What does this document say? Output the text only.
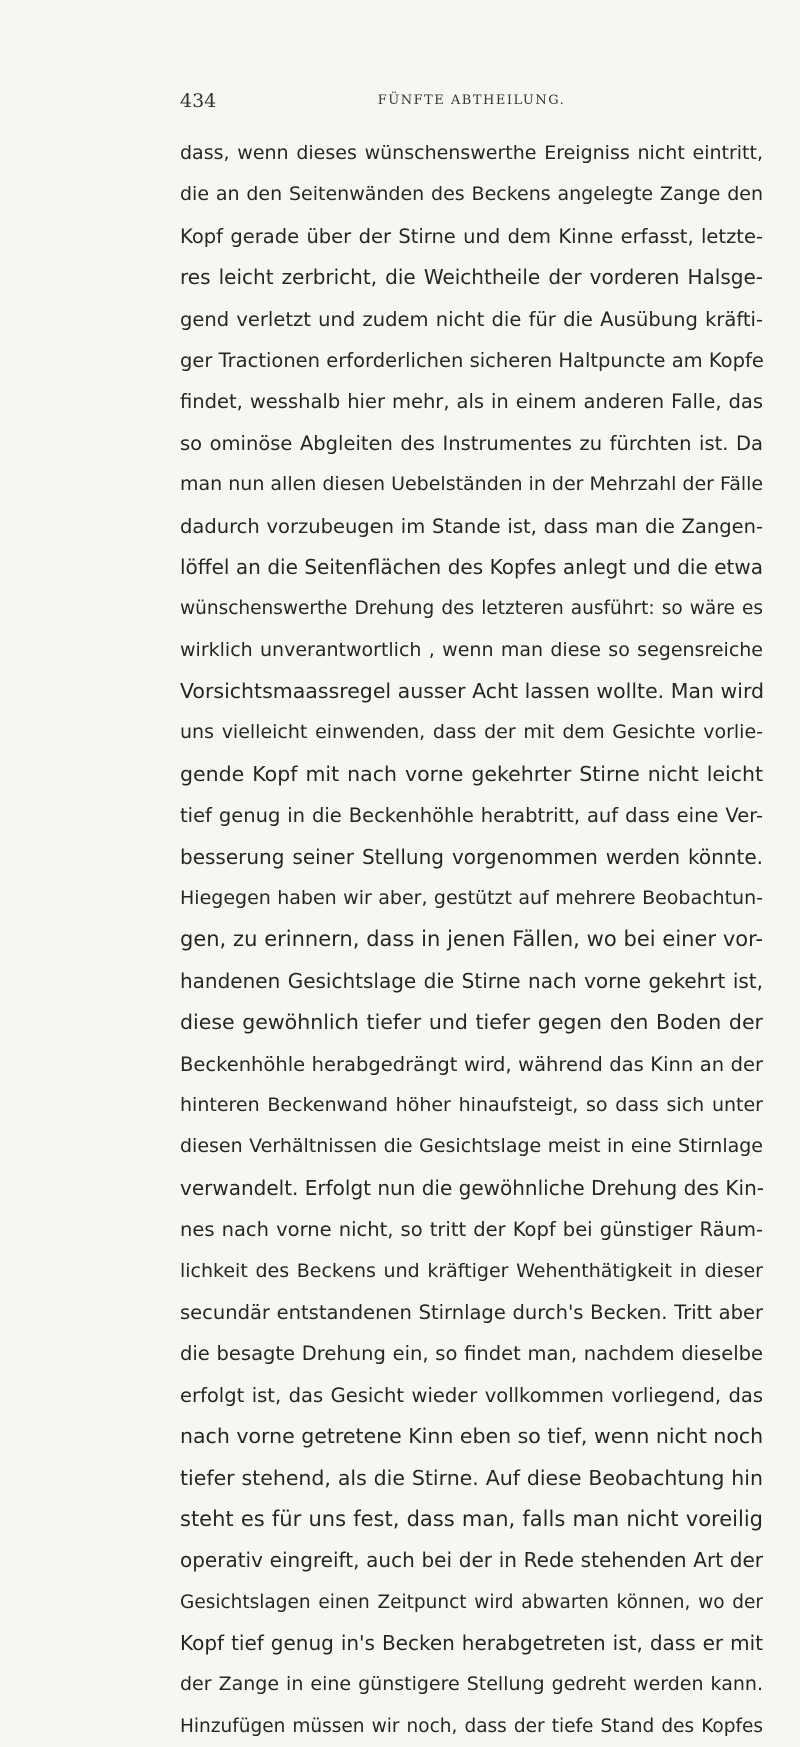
434	FÜNFTE ABTHEILUNG.
dass, wenn dieses wünschenswerthe Ereigniss nicht eintritt,
die an den Seitenwänden des Beckens angelegte Zange den
Kopf gerade über der Stirne und dem Kinne erfasst, letzte-
res leicht zerbricht, die Weichtheile der vorderen Halsge-
gend verletzt und zudem nicht die für die Ausübung kräfti-
ger Tractionen erforderlichen sicheren Haltpuncte am Kopfe
findet, wesshalb hier mehr, als in einem anderen Falle, das
so ominöse Abgleiten des Instrumentes zu fürchten ist. Da
man nun allen diesen Uebelständen in der Mehrzahl der Fälle
dadurch vorzubeugen im Stande ist, dass man die Zangen-
löffel an die Seitenflächen des Kopfes anlegt und die etwa
wünschenswerthe Drehung des letzteren ausführt: so wäre es
wirklich unverantwortlich , wenn man diese so segensreiche
Vorsichtsmaassregel ausser Acht lassen wollte. Man wird
uns vielleicht einwenden, dass der mit dem Gesichte vorlie-
gende Kopf mit nach vorne gekehrter Stirne nicht leicht
tief genug in die Beckenhöhle herabtritt, auf dass eine Ver-
besserung seiner Stellung vorgenommen werden könnte.
Hiegegen haben wir aber, gestützt auf mehrere Beobachtun-
gen, zu erinnern, dass in jenen Fällen, wo bei einer vor-
handenen Gesichtslage die Stirne nach vorne gekehrt ist,
diese gewöhnlich tiefer und tiefer gegen den Boden der
Beckenhöhle herabgedrängt wird, während das Kinn an der
hinteren Beckenwand höher hinaufsteigt, so dass sich unter
diesen Verhältnissen die Gesichtslage meist in eine Stirnlage
verwandelt. Erfolgt nun die gewöhnliche Drehung des Kin-
nes nach vorne nicht, so tritt der Kopf bei günstiger Räum-
lichkeit des Beckens und kräftiger Wehenthätigkeit in dieser
secundär entstandenen Stirnlage durch's Becken. Tritt aber
die besagte Drehung ein, so findet man, nachdem dieselbe
erfolgt ist, das Gesicht wieder vollkommen vorliegend, das
nach vorne getretene Kinn eben so tief, wenn nicht noch
tiefer stehend, als die Stirne. Auf diese Beobachtung hin
steht es für uns fest, dass man, falls man nicht voreilig
operativ eingreift, auch bei der in Rede stehenden Art der
Gesichtslagen einen Zeitpunct wird abwarten können, wo der
Kopf tief genug in's Becken herabgetreten ist, dass er mit
der Zange in eine günstigere Stellung gedreht werden kann.
Hinzufügen müssen wir noch, dass der tiefe Stand des Kopfes
